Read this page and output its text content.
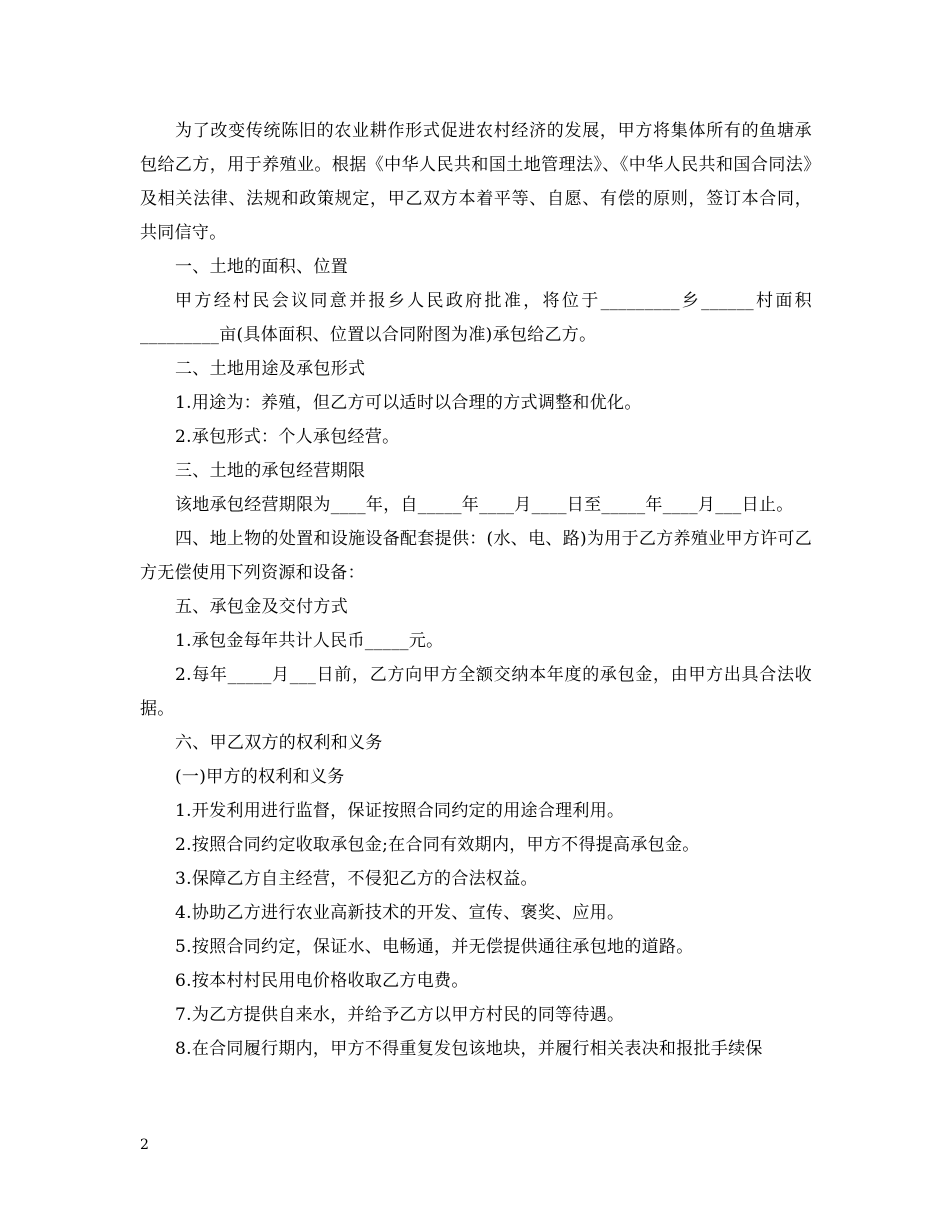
为了改变传统陈旧的农业耕作形式促进农村经济的发展，甲方将集体所有的鱼塘承包给乙方，用于养殖业。根据《中华人民共和国土地管理法》、《中华人民共和国合同法》及相关法律、法规和政策规定，甲乙双方本着平等、自愿、有偿的原则，签订本合同，共同信守。

一、土地的面积、位置

甲方经村民会议同意并报乡人民政府批准，将位于_________乡______村面积_________亩(具体面积、位置以合同附图为准)承包给乙方。

二、土地用途及承包形式

1.用途为：养殖，但乙方可以适时以合理的方式调整和优化。

2.承包形式：个人承包经营。

三、土地的承包经营期限

该地承包经营期限为____年，自_____年____月____日至_____年____月___日止。

四、地上物的处置和设施设备配套提供：(水、电、路)为用于乙方养殖业甲方许可乙方无偿使用下列资源和设备：

五、承包金及交付方式

1.承包金每年共计人民币_____元。

2.每年_____月___日前，乙方向甲方全额交纳本年度的承包金，由甲方出具合法收据。

六、甲乙双方的权利和义务

(一)甲方的权利和义务

1.开发利用进行监督，保证按照合同约定的用途合理利用。

2.按照合同约定收取承包金;在合同有效期内，甲方不得提高承包金。

3.保障乙方自主经营，不侵犯乙方的合法权益。

4.协助乙方进行农业高新技术的开发、宣传、褒奖、应用。

5.按照合同约定，保证水、电畅通，并无偿提供通往承包地的道路。

6.按本村村民用电价格收取乙方电费。

7.为乙方提供自来水，并给予乙方以甲方村民的同等待遇。

8.在合同履行期内，甲方不得重复发包该地块，并履行相关表决和报批手续保

2
